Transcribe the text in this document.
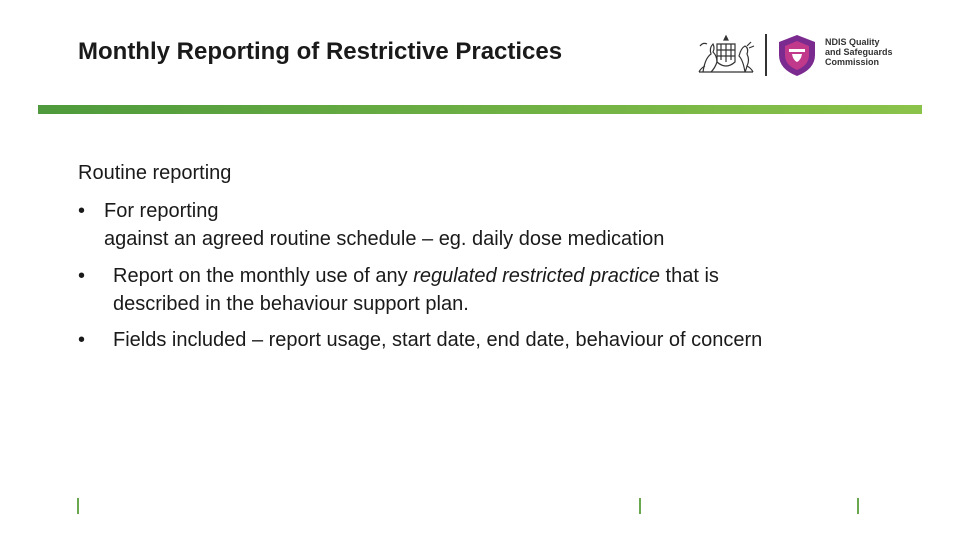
Monthly Reporting of Restrictive Practices	NDIS Quality
and Safeguards
Commission
Routine reporting
• For reporting
against an agreed routine schedule – eg. daily dose medication
• Report on the monthly use of any regulated restricted practice that is
described in the behaviour support plan.
• Fields included – report usage, start date, end date, behaviour of concern
